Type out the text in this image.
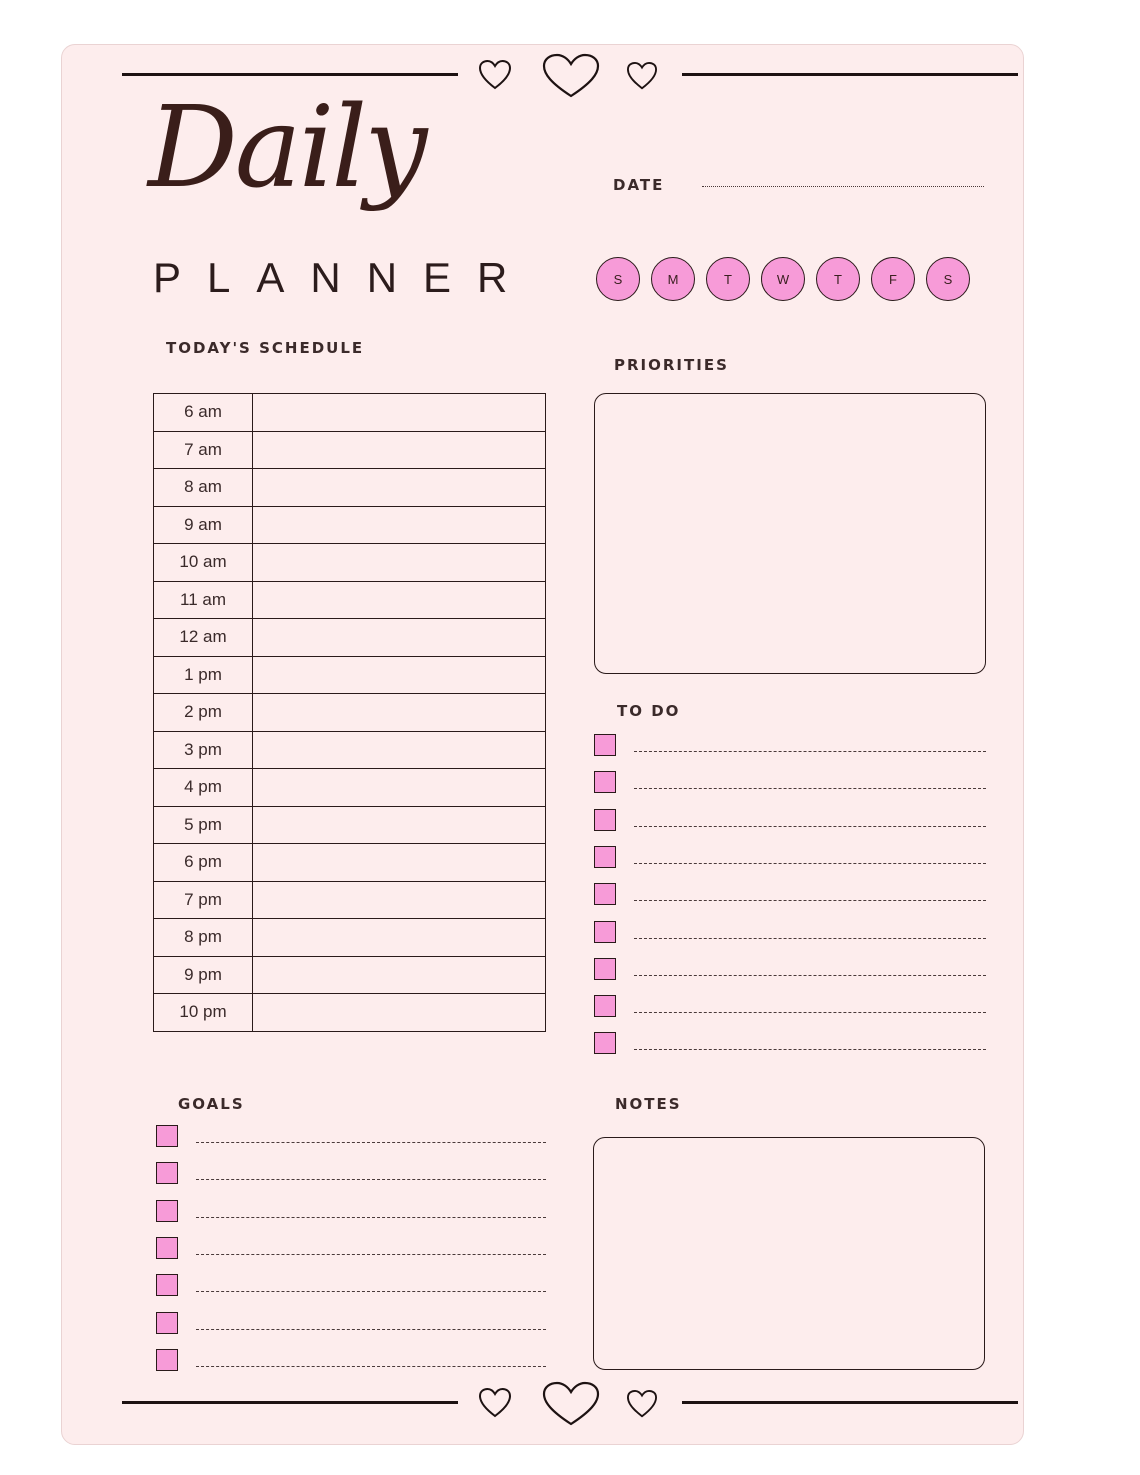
Daily
PLANNER
DATE
S	M	T	W	T	F	S
TODAY'S SCHEDULE
6 am	
7 am	
8 am	
9 am	
10 am	
11 am	
12 am	
1 pm	
2 pm	
3 pm	
4 pm	
5 pm	
6 pm	
7 pm	
8 pm	
9 pm	
10 pm	
PRIORITIES
TO DO
GOALS	NOTES
